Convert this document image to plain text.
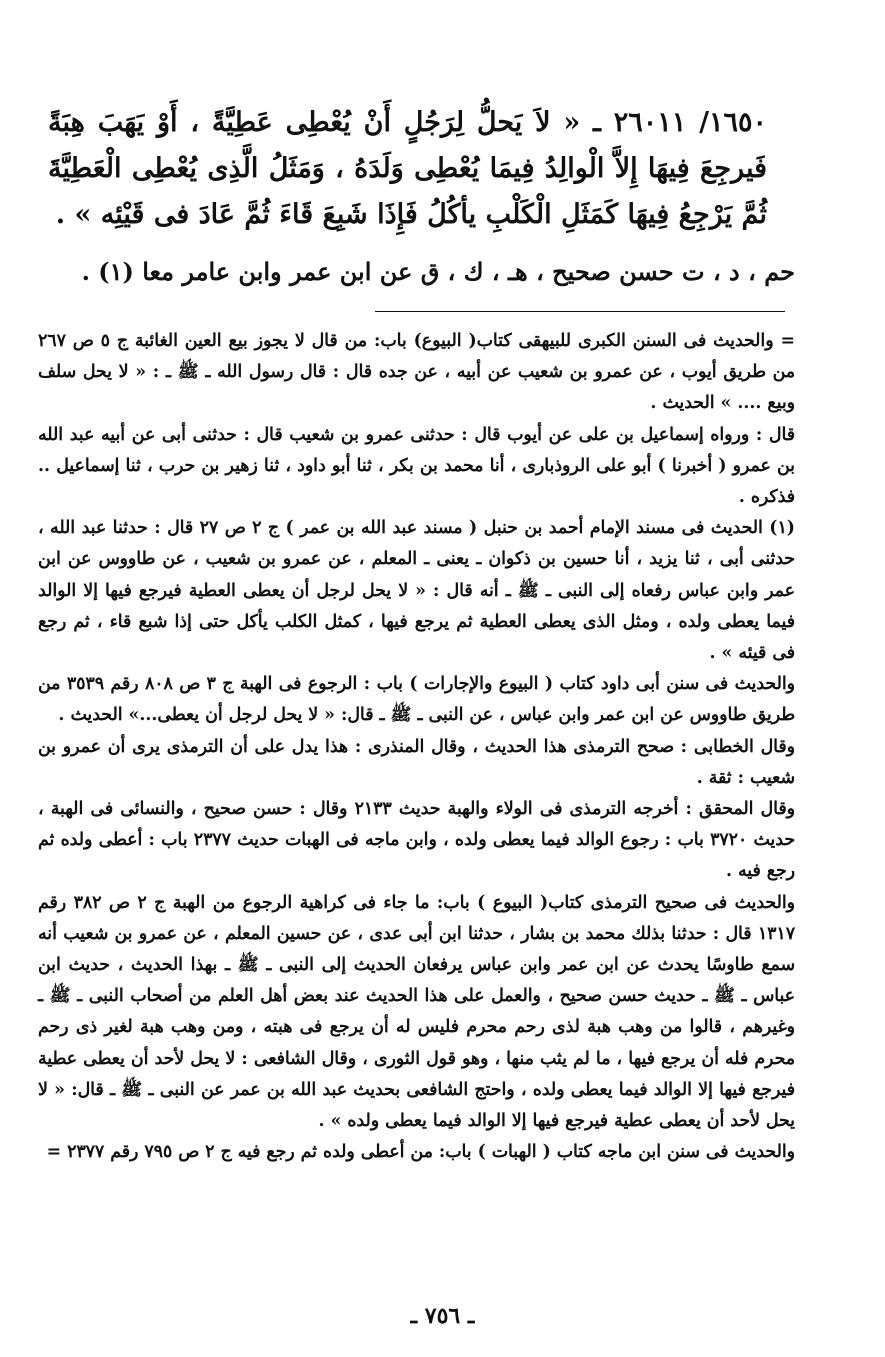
١٦٥٠/ ٢٦٠١١ ـ « لاَ يَحلُّ لِرَجُلٍ أَنْ يُعْطِى عَطِيَّةً ، أَوْ يَهَبَ هِبَةً فَيرجِعَ فِيهَا إِلاَّ الْوالِدُ فِيمَا يُعْطِى وَلَدَهُ ، وَمَثَلُ الَّذِى يُعْطِى الْعَطِيَّةَ ثُمَّ يَرْجِعُ فِيهَا كَمَثَلِ الْكَلْبِ يأكُلُ فَإِذَا شَبِعَ قَاءَ ثُمَّ عَادَ فى قَيْئِه » .
حم ، د ، ت حسن صحيح ، هـ ، ك ، ق عن ابن عمر وابن عامر معا (١) .

= والحديث فى السنن الكبرى للبيهقى كتاب( البيوع) باب: من قال لا يجوز بيع العين الغائبة ج ٥ ص ٢٦٧ من طريق أيوب ، عن عمرو بن شعيب عن أبيه ، عن جده قال : قال رسول الله ـ ﷺ ـ : « لا يحل سلف وبيع .... » الحديث .

قال : ورواه إسماعيل بن على عن أيوب قال : حدثنى عمرو بن شعيب قال : حدثنى أبى عن أبيه عبد الله بن عمرو ( أخبرنا ) أبو على الروذبارى ، أنا محمد بن بكر ، ثنا أبو داود ، ثنا زهير بن حرب ، ثنا إسماعيل .. فذكره .

(١) الحديث فى مسند الإمام أحمد بن حنبل ( مسند عبد الله بن عمر ) ج ٢ ص ٢٧ قال : حدثنا عبد الله ، حدثنى أبى ، ثنا يزيد ، أنا حسين بن ذكوان ـ يعنى ـ المعلم ، عن عمرو بن شعيب ، عن طاووس عن ابن عمر وابن عباس رفعاه إلى النبى ـ ﷺ ـ أنه قال : « لا يحل لرجل أن يعطى العطية فيرجع فيها إلا الوالد فيما يعطى ولده ، ومثل الذى يعطى العطية ثم يرجع فيها ، كمثل الكلب يأكل حتى إذا شبع قاء ، ثم رجع فى قيئه » .

والحديث فى سنن أبى داود كتاب ( البيوع والإجارات ) باب : الرجوع فى الهبة ج ٣ ص ٨٠٨ رقم ٣٥٣٩ من طريق طاووس عن ابن عمر وابن عباس ، عن النبى ـ ﷺ ـ قال: « لا يحل لرجل أن يعطى...» الحديث .

وقال الخطابى : صحح الترمذى هذا الحديث ، وقال المنذرى : هذا يدل على أن الترمذى يرى أن عمرو بن شعيب : ثقة .

وقال المحقق : أخرجه الترمذى فى الولاء والهبة حديث ٢١٣٣ وقال : حسن صحيح ، والنسائى فى الهبة ، حديث ٣٧٢٠ باب : رجوع الوالد فيما يعطى ولده ، وابن ماجه فى الهبات حديث ٢٣٧٧ باب : أعطى ولده ثم رجع فيه .

والحديث فى صحيح الترمذى كتاب( البيوع ) باب: ما جاء فى كراهية الرجوع من الهبة ج ٢ ص ٣٨٢ رقم ١٣١٧ قال : حدثنا بذلك محمد بن بشار ، حدثنا ابن أبى عدى ، عن حسين المعلم ، عن عمرو بن شعيب أنه سمع طاوسًا يحدث عن ابن عمر وابن عباس يرفعان الحديث إلى النبى ـ ﷺ ـ بهذا الحديث ، حديث ابن عباس ـ ﷺ ـ حديث حسن صحيح ، والعمل على هذا الحديث عند بعض أهل العلم من أصحاب النبى ـ ﷺ ـ وغيرهم ، قالوا من وهب هبة لذى رحم محرم فليس له أن يرجع فى هبته ، ومن وهب هبة لغير ذى رحم محرم فله أن يرجع فيها ، ما لم يثب منها ، وهو قول الثورى ، وقال الشافعى : لا يحل لأحد أن يعطى عطية فيرجع فيها إلا الوالد فيما يعطى ولده ، واحتج الشافعى بحديث عبد الله بن عمر عن النبى ـ ﷺ ـ قال: « لا يحل لأحد أن يعطى عطية فيرجع فيها إلا الوالد فيما يعطى ولده » .

والحديث فى سنن ابن ماجه كتاب ( الهبات ) باب: من أعطى ولده ثم رجع فيه ج ٢ ص ٧٩٥ رقم ٢٣٧٧ =

ـ ٧٥٦ ـ
